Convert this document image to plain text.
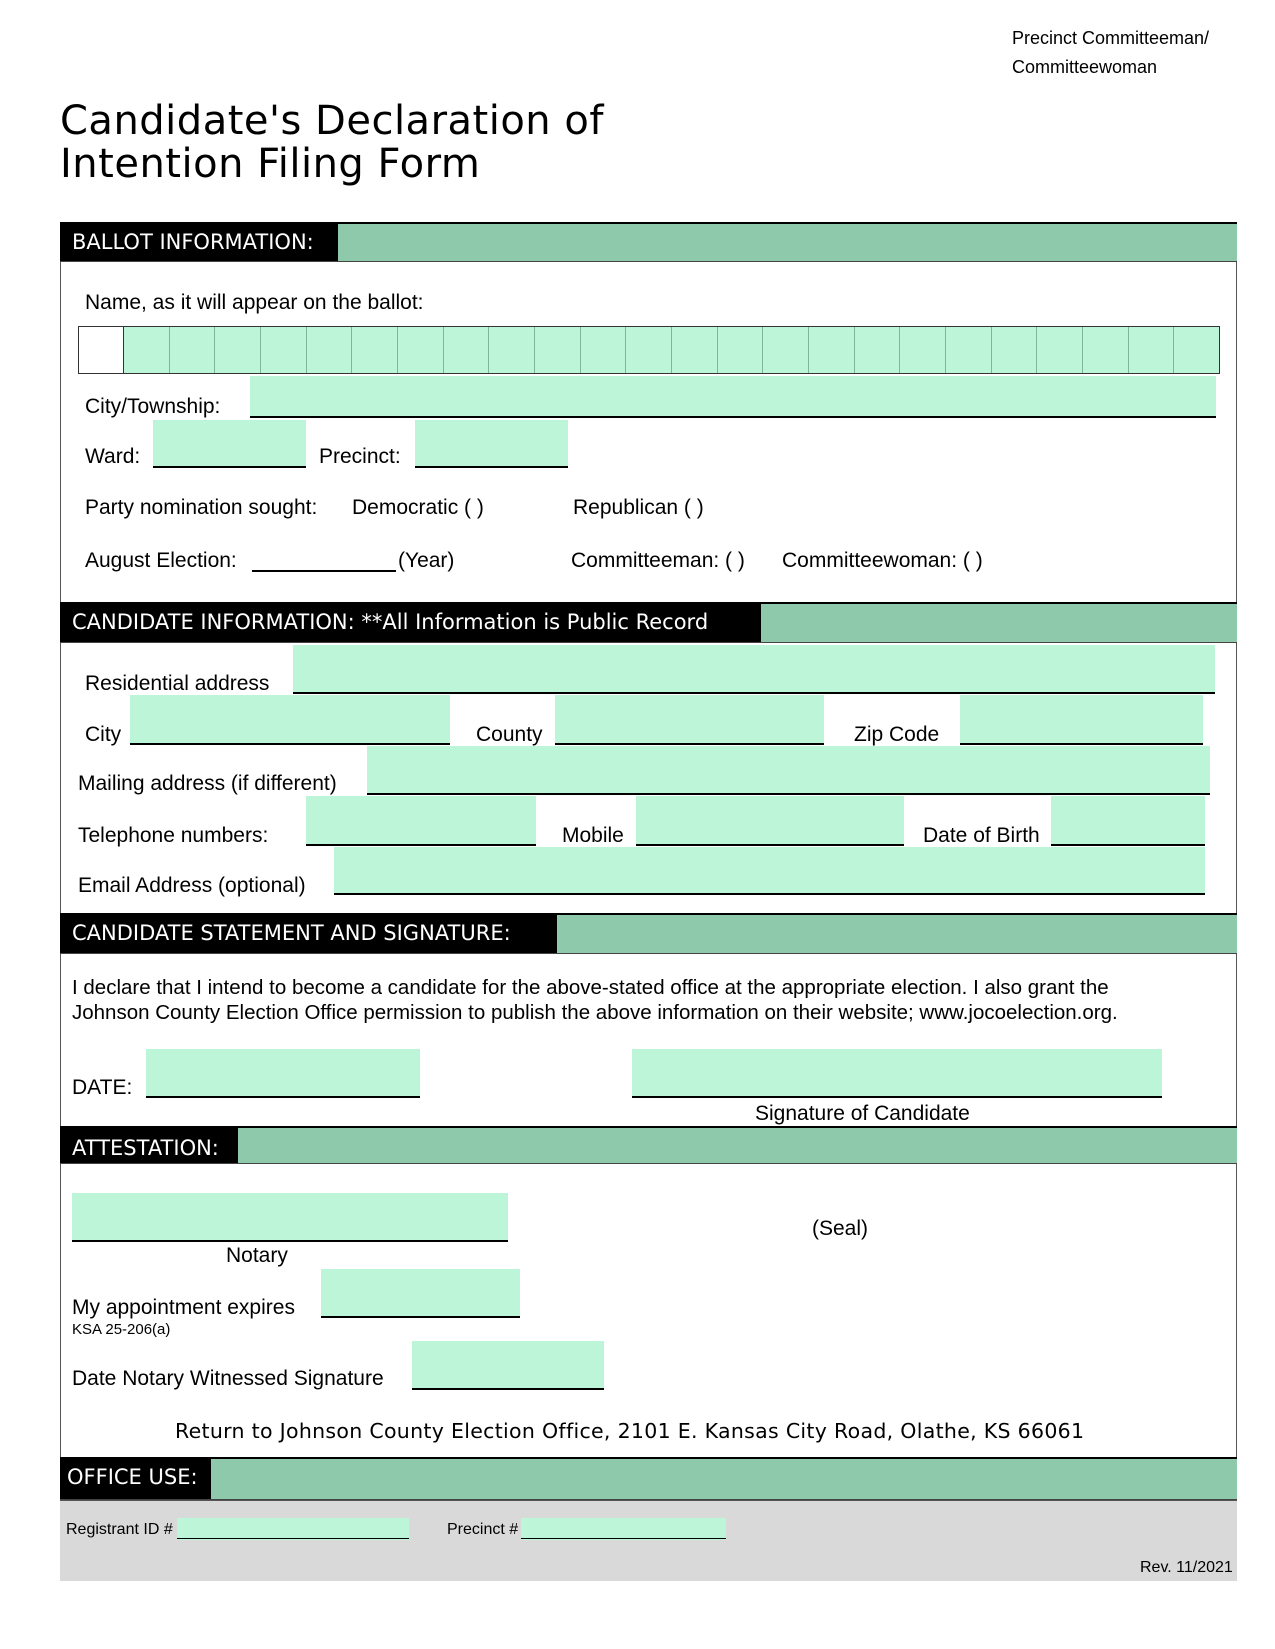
Precinct Committeeman/
Committeewoman
Candidate's Declaration of
Intention Filing Form
BALLOT INFORMATION:
Name, as it will appear on the ballot:
City/Township:
Ward:	Precinct:
Party nomination sought: Democratic ( )	Republican ( )
August Election:	(Year)	Committeeman: ( ) Committeewoman: ( )
CANDIDATE INFORMATION: **All Information is Public Record
Residential address
City	County	Zip Code
Mailing address (if different)
Telephone numbers:	Mobile	Date of Birth
Email Address (optional)
CANDIDATE STATEMENT AND SIGNATURE:
I declare that I intend to become a candidate for the above-stated office at the appropriate election. I also grant the
Johnson County Election Office permission to publish the above information on their website; www.jocoelection.org.
DATE:
Signature of Candidate
ATTESTATION:
Notary
(Seal)
My appointment expires
KSA 25-206(a)
Date Notary Witnessed Signature
Return to Johnson County Election Office, 2101 E. Kansas City Road, Olathe, KS 66061
OFFICE USE:
Registrant ID #	Precinct #
Rev. 11/2021
